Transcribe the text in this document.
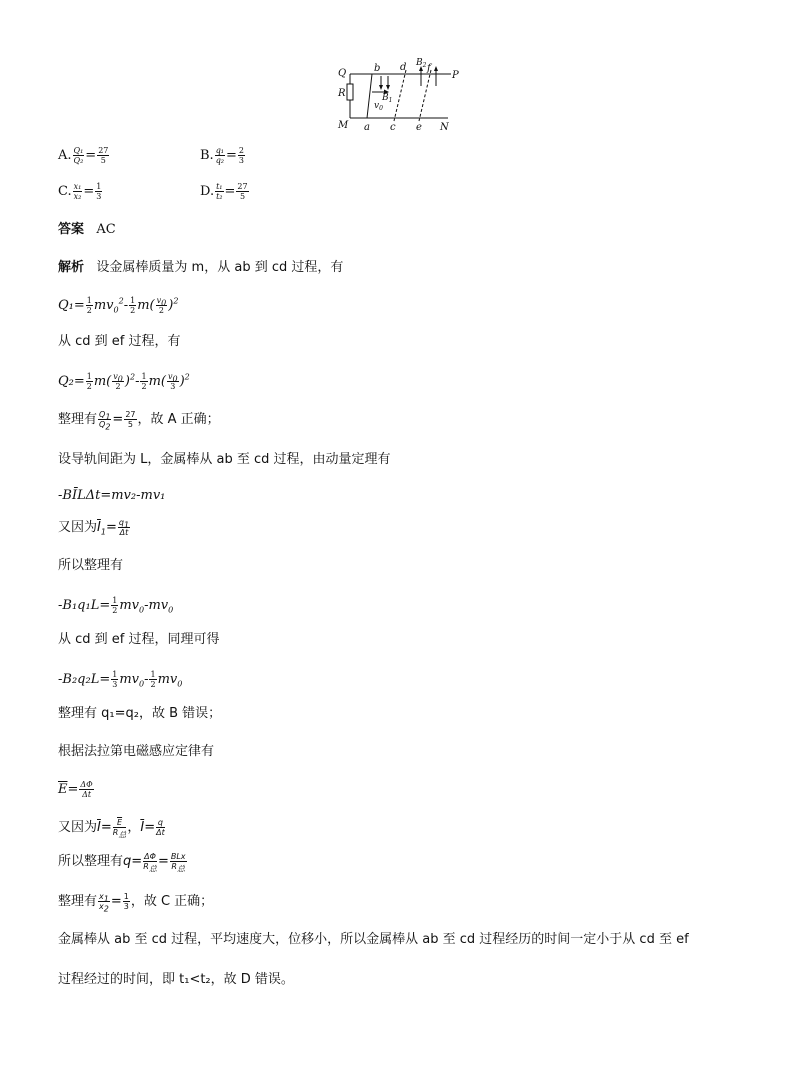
Q
R
M
b
a
d
c e
f
P
N
$B_1$
$v_0$
$B_2$
A. $\frac{\text{Q₁}}{\text{Q₂}} = \frac{27}{5}$	B. $\frac{\text{q₁}}{\text{q₂}} = \frac{2}{3}$
C. $\frac{\text{x₁}}{\text{x₂}} = \frac{1}{3}$	D. $\frac{\text{t₁}}{\text{t₂}} = \frac{27}{5}$
答案 AC
解析 设金属棒质量为 m，从 ab 到 cd 过程，有
$Q_1= \frac{1}{2} mv_0^2- \frac{1}{2} m( \frac{v_0}{2} )^2$
从 cd 到 ef 过程，有
$Q_2= \frac{1}{2} m( \frac{v_0}{2} )^2- \frac{1}{2} m( \frac{v_0}{3} )^2$
整理有 $\frac{Q_1}{Q_2} = \frac{27}{5}$ ，故 A 正确；
设导轨间距为 L，金属棒从 ab 至 cd 过程，由动量定理有
-BĪLΔt=mv₂-mv₁
又因为$\overline{I}_1= \frac{q_1}{\Delta t}$
所以整理有
$-B_1q_1L= \frac{1}{2} mv_0-mv_0$
从 cd 到 ef 过程，同理可得
$-B_2q_2L= \frac{1}{3} mv_0- \frac{1}{2} mv_0$
整理有 q₁=q₂，故 B 错误；
根据法拉第电磁感应定律有
$\overline{E}= \frac{\Delta\Phi}{\Delta t}$
又因为$\overline{I}= \frac{\overline{E}}{R_总}$ ，$\overline{I}= \frac{q}{\Delta t}$
所以整理有$q= \frac{\Delta\Phi}{R_总} = \frac{\text{BLx}}{R_总}$
整理有 $\frac{x_1}{x_2} = \frac{1}{3}$ ，故 C 正确；
金属棒从 ab 至 cd 过程，平均速度大，位移小，所以金属棒从 ab 至 cd 过程经历的时间一定小于从 cd 至 ef
过程经过的时间，即 t₁<t₂，故 D 错误。
